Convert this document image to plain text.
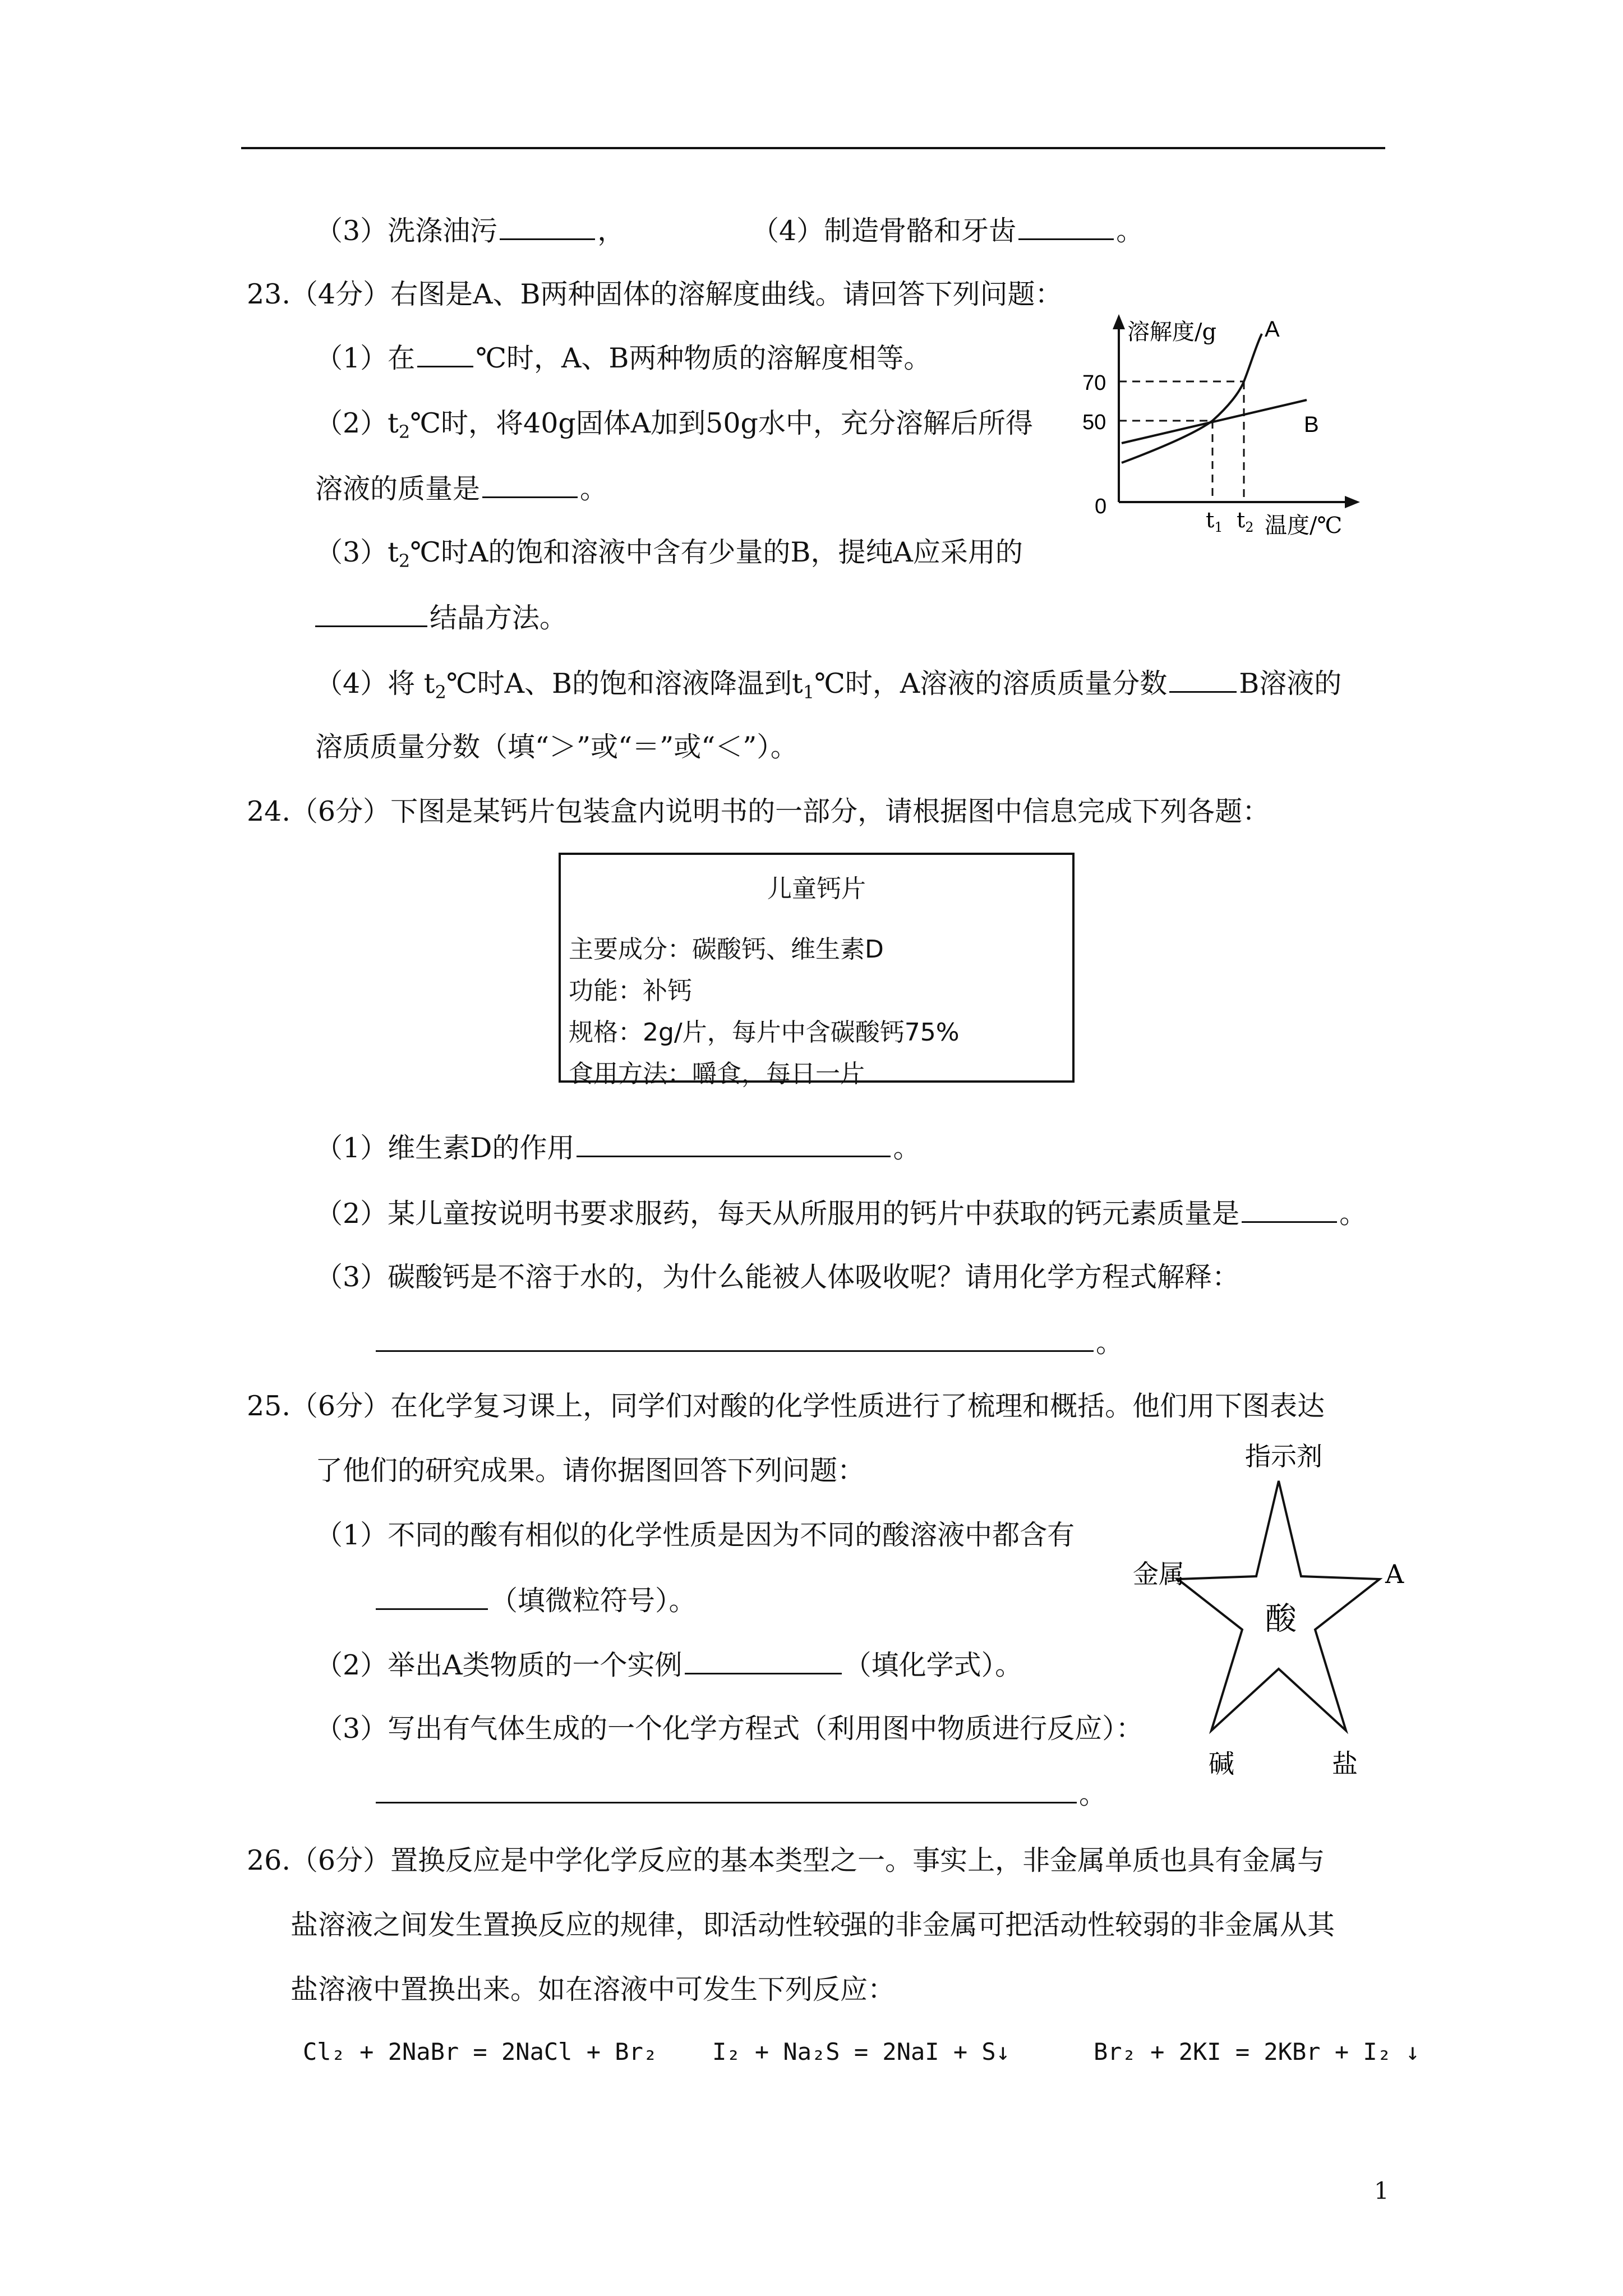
（3）洗涤油污	，	（4）制造骨骼和牙齿	。
23.（4分）右图是A、B两种固体的溶解度曲线。请回答下列问题：
（1）在 ℃时，A、B两种物质的溶解度相等。
$(2)t_2℃$时，将40g固体A加到50g水中，充分溶解后所得
溶液的质量是	。
$(3)t_2℃$时A的饱和溶液中含有少量的B，提纯A应采用的
结晶方法。
（4）将 $t_2℃$时A、B的饱和溶液降温到$t_1℃$时，A溶液的溶质质量分数	B溶液的
溶质质量分数（填“＞”或“＝”或“＜”）。
溶解度/g A
B
70
50
0
$t_1$ $t_2$ 温度/℃
24.（6分）下图是某钙片包装盒内说明书的一部分，请根据图中信息完成下列各题：
儿童钙片
主要成分：碳酸钙、维生素D
功能：补钙
规格：2g/片，每片中含碳酸钙75%
食用方法：嚼食，每日一片
（1）维生素D的作用	。
（2）某儿童按说明书要求服药，每天从所服用的钙片中获取的钙元素质量是	。
（3）碳酸钙是不溶于水的，为什么能被人体吸收呢？请用化学方程式解释：
。
25.（6分）在化学复习课上，同学们对酸的化学性质进行了梳理和概括。他们用下图表达
了他们的研究成果。请你据图回答下列问题：
（1）不同的酸有相似的化学性质是因为不同的酸溶液中都含有
（填微粒符号）。
（2）举出A类物质的一个实例	（填化学式）。
（3）写出有气体生成的一个化学方程式（利用图中物质进行反应）：
。
指示剂
金属	A
酸
碱	盐
26.（6分）置换反应是中学化学反应的基本类型之一。事实上，非金属单质也具有金属与
盐溶液之间发生置换反应的规律，即活动性较强的非金属可把活动性较弱的非金属从其
盐溶液中置换出来。如在溶液中可发生下列反应：
Cl₂ + 2NaBr = 2NaCl + Br₂ I₂ + Na₂S = 2NaI + S↓	Br₂ + 2KI = 2KBr + I₂ ↓
1
